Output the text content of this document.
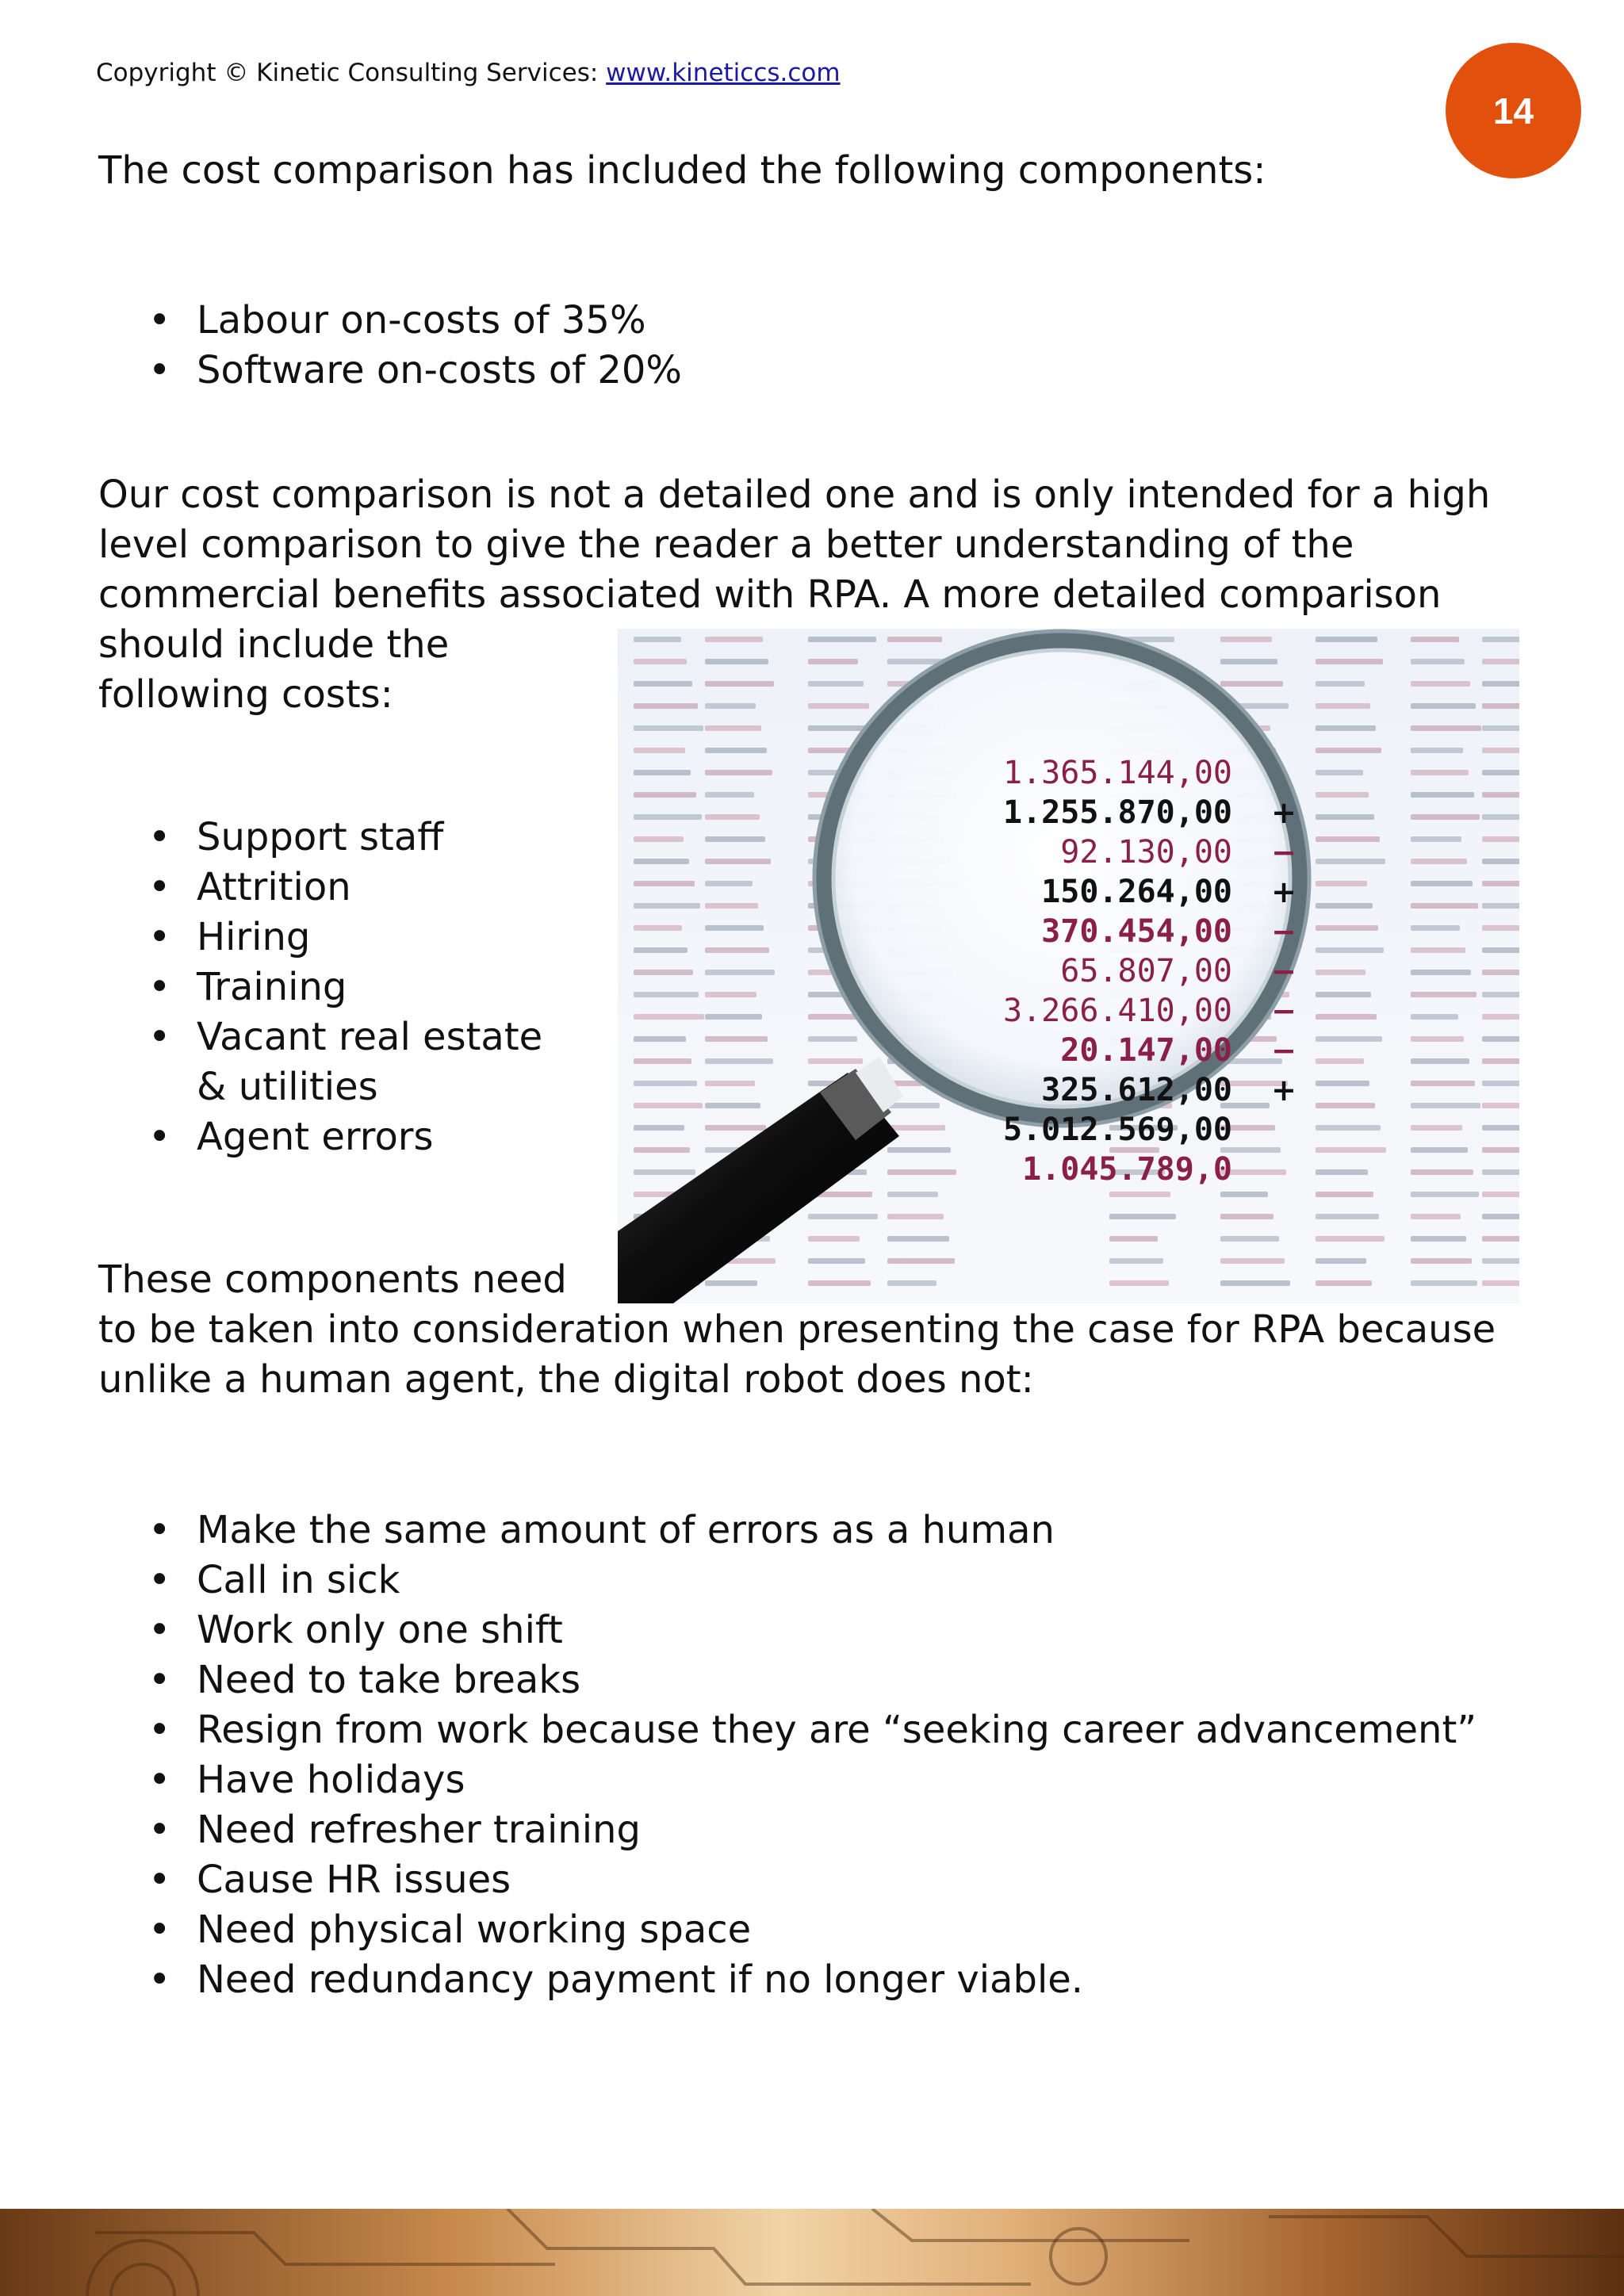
Copyright © Kinetic Consulting Services: www.kineticcs.com
14

The cost comparison has included the following components:

• Labour on-costs of 35%
• Software on-costs of 20%

Our cost comparison is not a detailed one and is only intended for a high

level comparison to give the reader a better understanding of the

commercial benefits associated with RPA. A more detailed comparison

should include the

following costs:

• Support staff
• Attrition
• Hiring
• Training
• Vacant real estate & utilities
• Agent errors

These components need

to be taken into consideration when presenting the case for RPA because

unlike a human agent, the digital robot does not:

• Make the same amount of errors as a human
• Call in sick
• Work only one shift
• Need to take breaks
• Resign from work because they are “seeking career advancement”
• Have holidays
• Need refresher training
• Cause HR issues
• Need physical working space
• Need redundancy payment if no longer viable.
1.365.144,00
1.255.870,00
92.130,00
150.264,00
370.454,00
65.807,00
3.266.410,00
20.147,00
325.612,00
5.012.569,00
1.045.789,0
+
−
+
−
−
−
−
+
